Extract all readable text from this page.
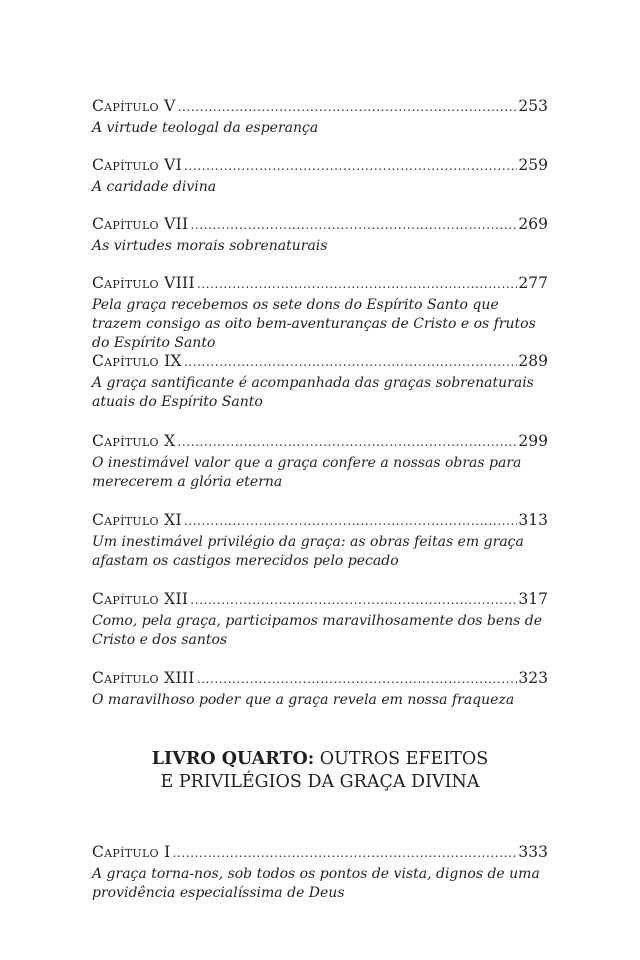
Capítulo V .....	253
A virtude teologal da esperança
Capítulo VI .....	259
A caridade divina
Capítulo VII .....	269
As virtudes morais sobrenaturais
Capítulo VIII .....	277
Pela graça recebemos os sete dons do Espírito Santo que trazem consigo as oito bem-aventuranças de Cristo e os frutos do Espírito Santo
Capítulo IX .....	289
A graça santificante é acompanhada das graças sobrenaturais atuais do Espírito Santo
Capítulo X .....	299
O inestimável valor que a graça confere a nossas obras para merecerem a glória eterna
Capítulo XI .....	313
Um inestimável privilégio da graça: as obras feitas em graça afastam os castigos merecidos pelo pecado
Capítulo XII .....	317
Como, pela graça, participamos maravilhosamente dos bens de Cristo e dos santos
Capítulo XIII .....	323
O maravilhoso poder que a graça revela em nossa fraqueza
LIVRO QUARTO: OUTROS EFEITOS
E PRIVILÉGIOS DA GRAÇA DIVINA
Capítulo I .....	333
A graça torna-nos, sob todos os pontos de vista, dignos de uma providência especialíssima de Deus
